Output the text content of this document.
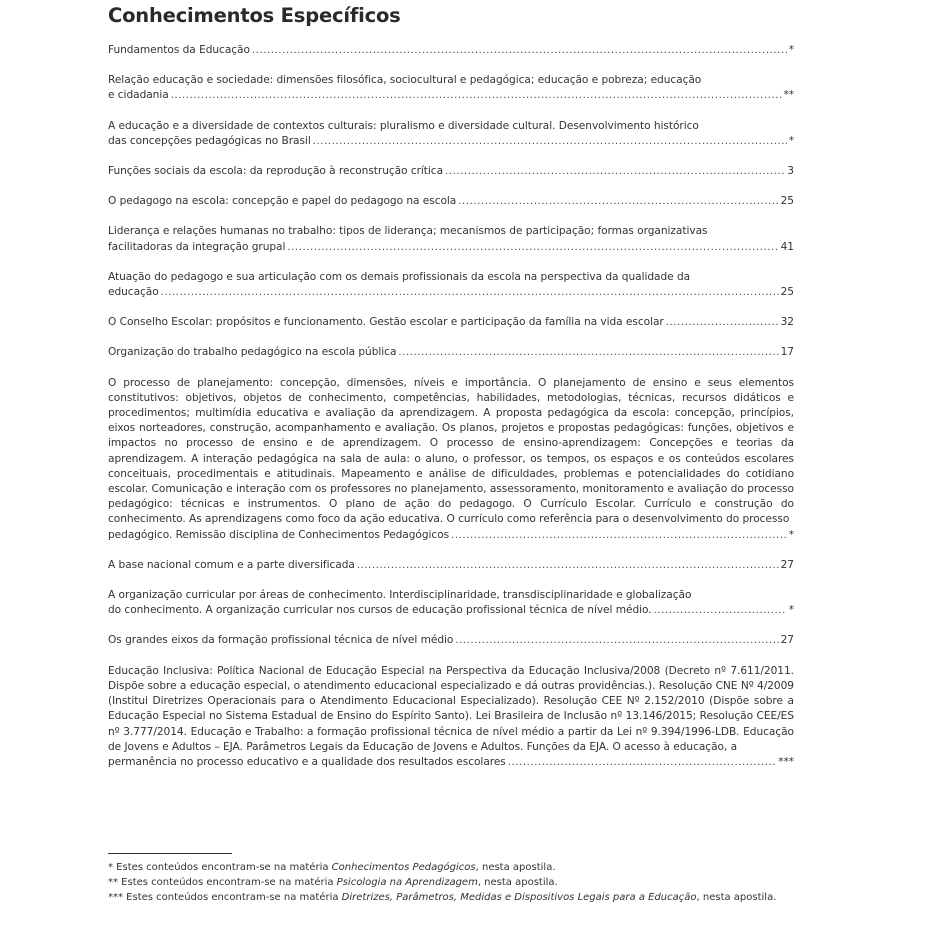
Conhecimentos Específicos
Fundamentos da Educação .....	*
Relação educação e sociedade: dimensões filosófica, sociocultural e pedagógica; educação e pobreza; educação
e cidadania .....	**
A educação e a diversidade de contextos culturais: pluralismo e diversidade cultural. Desenvolvimento histórico
das concepções pedagógicas no Brasil .....	*
Funções sociais da escola: da reprodução à reconstrução crítica .....	3
O pedagogo na escola: concepção e papel do pedagogo na escola .....	25
Liderança e relações humanas no trabalho: tipos de liderança; mecanismos de participação; formas organizativas
facilitadoras da integração grupal .....	41
Atuação do pedagogo e sua articulação com os demais profissionais da escola na perspectiva da qualidade da
educação .....	25
O Conselho Escolar: propósitos e funcionamento. Gestão escolar e participação da família na vida escolar .....	32
Organização do trabalho pedagógico na escola pública .....	17
O processo de planejamento: concepção, dimensões, níveis e importância. O planejamento de ensino e seus elementos constitutivos: objetivos, objetos de conhecimento, competências, habilidades, metodologias, técnicas, recursos didáticos e procedimentos; multimídia educativa e avaliação da aprendizagem. A proposta pedagógica da escola: concepção, princípios, eixos norteadores, construção, acompanhamento e avaliação. Os planos, projetos e propostas pedagógicas: funções, objetivos e impactos no processo de ensino e de aprendizagem. O processo de ensino-aprendizagem: Concepções e teorias da aprendizagem. A interação pedagógica na sala de aula: o aluno, o professor, os tempos, os espaços e os conteúdos escolares conceituais, procedimentais e atitudinais. Mapeamento e análise de dificuldades, problemas e potencialidades do cotidiano escolar. Comunicação e interação com os professores no planejamento, assessoramento, monitoramento e avaliação do processo pedagógico: técnicas e instrumentos. O plano de ação do pedagogo. O Currículo Escolar. Currículo e construção do conhecimento. As aprendizagens como foco da ação educativa. O currículo como referência para o desenvolvimento do processo
pedagógico. Remissão disciplina de Conhecimentos Pedagógicos .....	*
A base nacional comum e a parte diversificada .....	27
A organização curricular por áreas de conhecimento. Interdisciplinaridade, transdisciplinaridade e globalização
do conhecimento. A organização curricular nos cursos de educação profissional técnica de nível médio. .....	*
Os grandes eixos da formação profissional técnica de nível médio .....	27
Educação Inclusiva: Política Nacional de Educação Especial na Perspectiva da Educação Inclusiva/2008 (Decreto nº 7.611/2011. Dispõe sobre a educação especial, o atendimento educacional especializado e dá outras providências.). Resolução CNE Nº 4/2009 (Institui Diretrizes Operacionais para o Atendimento Educacional Especializado). Resolução CEE Nº 2.152/2010 (Dispõe sobre a Educação Especial no Sistema Estadual de Ensino do Espírito Santo). Lei Brasileira de Inclusão nº 13.146/2015; Resolução CEE/ES nº 3.777/2014. Educação e Trabalho: a formação profissional técnica de nível médio a partir da Lei nº 9.394/1996-LDB. Educação de Jovens e Adultos – EJA. Parâmetros Legais da Educação de Jovens e Adultos. Funções da EJA. O acesso à educação, a
permanência no processo educativo e a qualidade dos resultados escolares .....	***

* Estes conteúdos encontram-se na matéria Conhecimentos Pedagógicos, nesta apostila.

** Estes conteúdos encontram-se na matéria Psicologia na Aprendizagem, nesta apostila.

*** Estes conteúdos encontram-se na matéria Diretrizes, Parâmetros, Medidas e Dispositivos Legais para a Educação, nesta apostila.
